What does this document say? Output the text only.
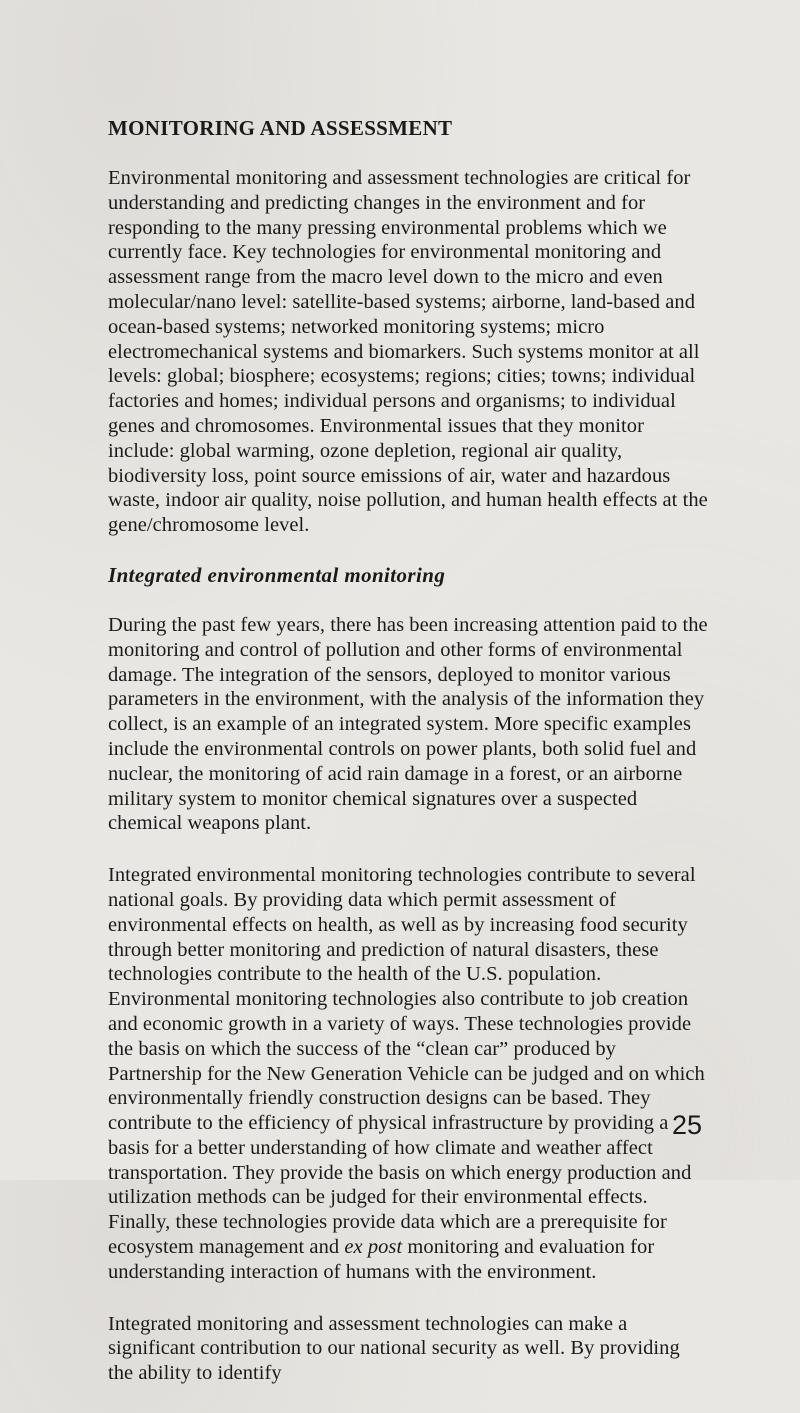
MONITORING AND ASSESSMENT

Environmental monitoring and assessment technologies are critical for understanding and predicting changes in the environment and for responding to the many pressing environmental problems which we currently face. Key technologies for environmental monitoring and assessment range from the macro level down to the micro and even molecular/nano level: satellite-based systems; airborne, land-based and ocean-based systems; networked monitoring systems; micro electromechanical systems and biomarkers. Such systems monitor at all levels: global; biosphere; ecosystems; regions; cities; towns; individual factories and homes; individual persons and organisms; to individual genes and chromosomes. Environmental issues that they monitor include: global warming, ozone depletion, regional air quality, biodiversity loss, point source emissions of air, water and hazardous waste, indoor air quality, noise pollution, and human health effects at the gene/chromosome level.

Integrated environmental monitoring

During the past few years, there has been increasing attention paid to the monitoring and control of pollution and other forms of environmental damage. The integration of the sensors, deployed to monitor various parameters in the environment, with the analysis of the information they collect, is an example of an integrated system. More specific examples include the environmental controls on power plants, both solid fuel and nuclear, the monitoring of acid rain damage in a forest, or an airborne military system to monitor chemical signatures over a suspected chemical weapons plant.

Integrated environmental monitoring technologies contribute to several national goals. By providing data which permit assessment of environmental effects on health, as well as by increasing food security through better monitoring and prediction of natural disasters, these technologies contribute to the health of the U.S. population. Environmental monitoring technologies also contribute to job creation and economic growth in a variety of ways. These technologies provide the basis on which the success of the “clean car” produced by Partnership for the New Generation Vehicle can be judged and on which environmentally friendly construction designs can be based. They contribute to the efficiency of physical infrastructure by providing a basis for a better understanding of how climate and weather affect transportation. They provide the basis on which energy production and utilization methods can be judged for their environmental effects. Finally, these technologies provide data which are a prerequisite for ecosystem management and ex post monitoring and evaluation for understanding interaction of humans with the environment.

Integrated monitoring and assessment technologies can make a significant contribution to our national security as well. By providing the ability to identify

25
